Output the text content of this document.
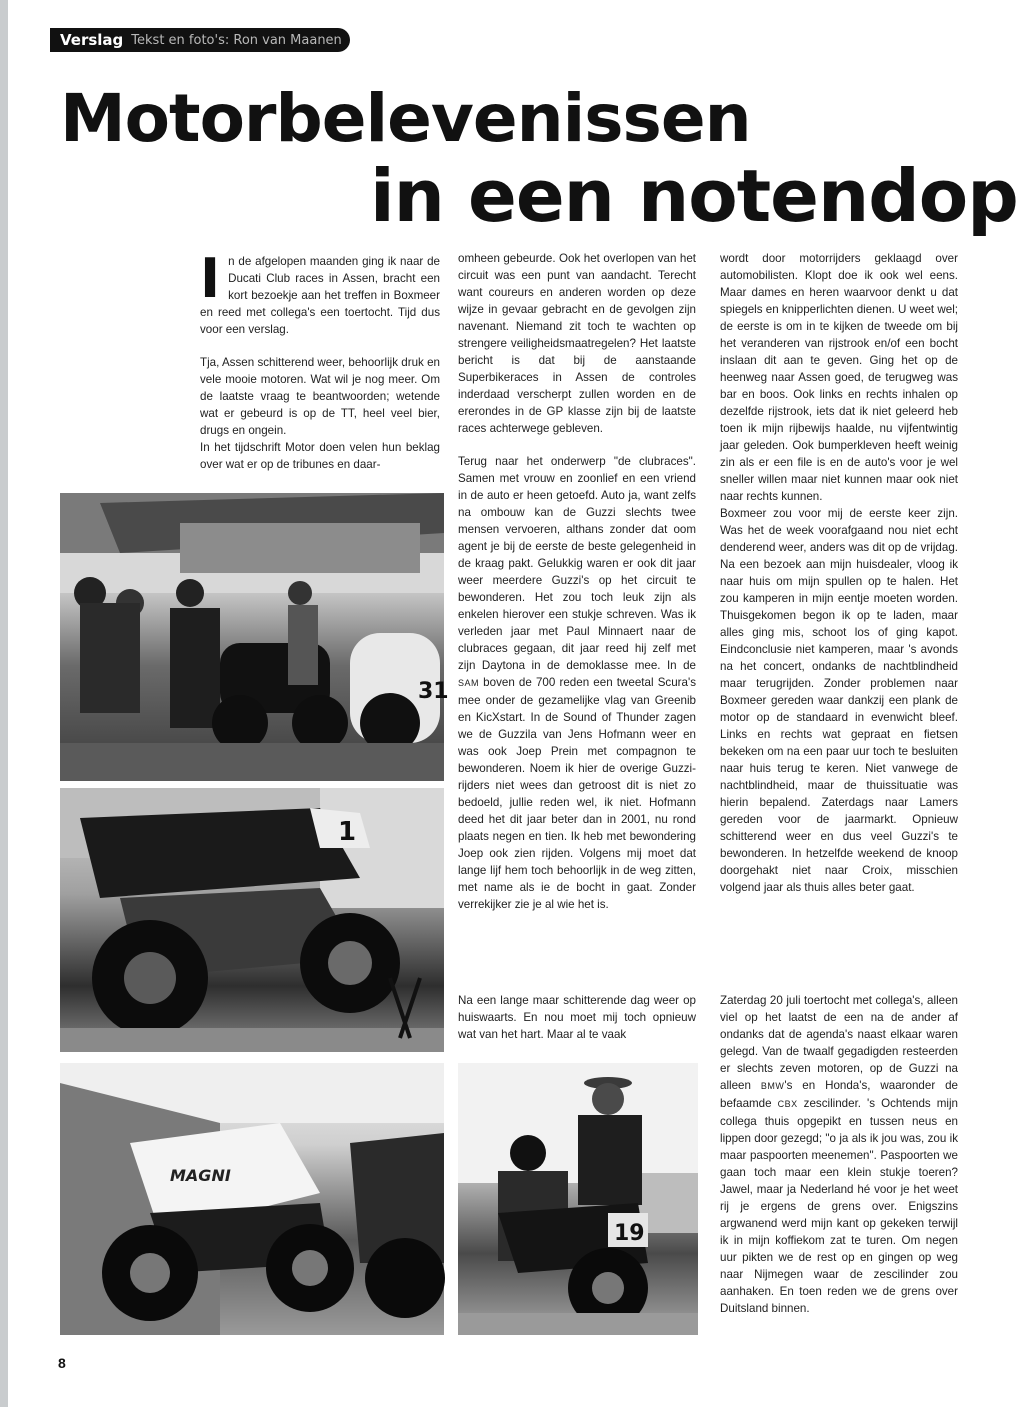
Verslag Tekst en foto's: Ron van Maanen
Motorbelevenissen
in een notendop

In de afgelopen maanden ging ik naar de Ducati Club races in Assen, bracht een kort bezoekje aan het treffen in Boxmeer en reed met collega's een toertocht. Tijd dus voor een verslag.

Tja, Assen schitterend weer, behoorlijk druk en vele mooie motoren. Wat wil je nog meer. Om de laatste vraag te beantwoorden; wetende wat er gebeurd is op de TT, heel veel bier, drugs en ongein.

In het tijdschrift Motor doen velen hun beklag over wat er op de tribunes en daar-

omheen gebeurde. Ook het overlopen van het circuit was een punt van aandacht. Terecht want coureurs en anderen worden op deze wijze in gevaar gebracht en de gevolgen zijn navenant. Niemand zit toch te wachten op strengere veiligheidsmaatregelen? Het laatste bericht is dat bij de aanstaande Superbikeraces in Assen de controles inderdaad verscherpt zullen worden en de ererondes in de GP klasse zijn bij de laatste races achterwege gebleven.

Terug naar het onderwerp "de clubraces". Samen met vrouw en zoonlief en een vriend in de auto er heen getoefd. Auto ja, want zelfs na ombouw kan de Guzzi slechts twee mensen vervoeren, althans zonder dat oom agent je bij de eerste de beste gelegenheid in de kraag pakt. Gelukkig waren er ook dit jaar weer meerdere Guzzi's op het circuit te bewonderen. Het zou toch leuk zijn als enkelen hierover een stukje schreven. Was ik verleden jaar met Paul Minnaert naar de clubraces gegaan, dit jaar reed hij zelf met zijn Daytona in de demoklasse mee. In de SAM boven de 700 reden een tweetal Scura's mee onder de gezamelijke vlag van Greenib en KicXstart. In de Sound of Thunder zagen we de Guzzila van Jens Hofmann weer en was ook Joep Prein met compagnon te bewonderen. Noem ik hier de overige Guzzi-rijders niet wees dan getroost dit is niet zo bedoeld, jullie reden wel, ik niet. Hofmann deed het dit jaar beter dan in 2001, nu rond plaats negen en tien. Ik heb met bewondering Joep ook zien rijden. Volgens mij moet dat lange lijf hem toch behoorlijk in de weg zitten, met name als ie de bocht in gaat. Zonder verrekijker zie je al wie het is.

Na een lange maar schitterende dag weer op huiswaarts. En nou moet mij toch opnieuw wat van het hart. Maar al te vaak

wordt door motorrijders geklaagd over automobilisten. Klopt doe ik ook wel eens. Maar dames en heren waarvoor denkt u dat spiegels en knipperlichten dienen. U weet wel; de eerste is om in te kijken de tweede om bij het veranderen van rijstrook en/of een bocht inslaan dit aan te geven. Ging het op de heenweg naar Assen goed, de terugweg was bar en boos. Ook links en rechts inhalen op dezelfde rijstrook, iets dat ik niet geleerd heb toen ik mijn rijbewijs haalde, nu vijfentwintig jaar geleden. Ook bumperkleven heeft weinig zin als er een file is en de auto's voor je wel sneller willen maar niet kunnen maar ook niet naar rechts kunnen.

Boxmeer zou voor mij de eerste keer zijn. Was het de week voorafgaand nou niet echt denderend weer, anders was dit op de vrijdag. Na een bezoek aan mijn huisdealer, vloog ik naar huis om mijn spullen op te halen. Het zou kamperen in mijn eentje moeten worden. Thuisgekomen begon ik op te laden, maar alles ging mis, schoot los of ging kapot. Eindconclusie niet kamperen, maar 's avonds na het concert, ondanks de nachtblindheid maar terugrijden. Zonder problemen naar Boxmeer gereden waar dankzij een plank de motor op de standaard in evenwicht bleef. Links en rechts wat gepraat en fietsen bekeken om na een paar uur toch te besluiten naar huis terug te keren. Niet vanwege de nachtblindheid, maar de thuissituatie was hierin bepalend. Zaterdags naar Lamers gereden voor de jaarmarkt. Opnieuw schitterend weer en dus veel Guzzi's te bewonderen. In hetzelfde weekend de knoop doorgehakt niet naar Croix, misschien volgend jaar als thuis alles beter gaat.

Zaterdag 20 juli toertocht met collega's, alleen viel op het laatst de een na de ander af ondanks dat de agenda's naast elkaar waren gelegd. Van de twaalf gegadigden resteerden er slechts zeven motoren, op de Guzzi na alleen BMW's en Honda's, waaronder de befaamde CBX zescilinder. 's Ochtends mijn collega thuis opgepikt en tussen neus en lippen door gezegd; "o ja als ik jou was, zou ik maar paspoorten meenemen". Paspoorten we gaan toch maar een klein stukje toeren? Jawel, maar ja Nederland hé voor je het weet rij je ergens de grens over. Enigszins argwanend werd mijn kant op gekeken terwijl ik in mijn koffiekom zat te turen. Om negen uur pikten we de rest op en gingen op weg naar Nijmegen waar de zescilinder zou aanhaken. En toen reden we de grens over Duitsland binnen.

31
1
MAGNI
19
8
